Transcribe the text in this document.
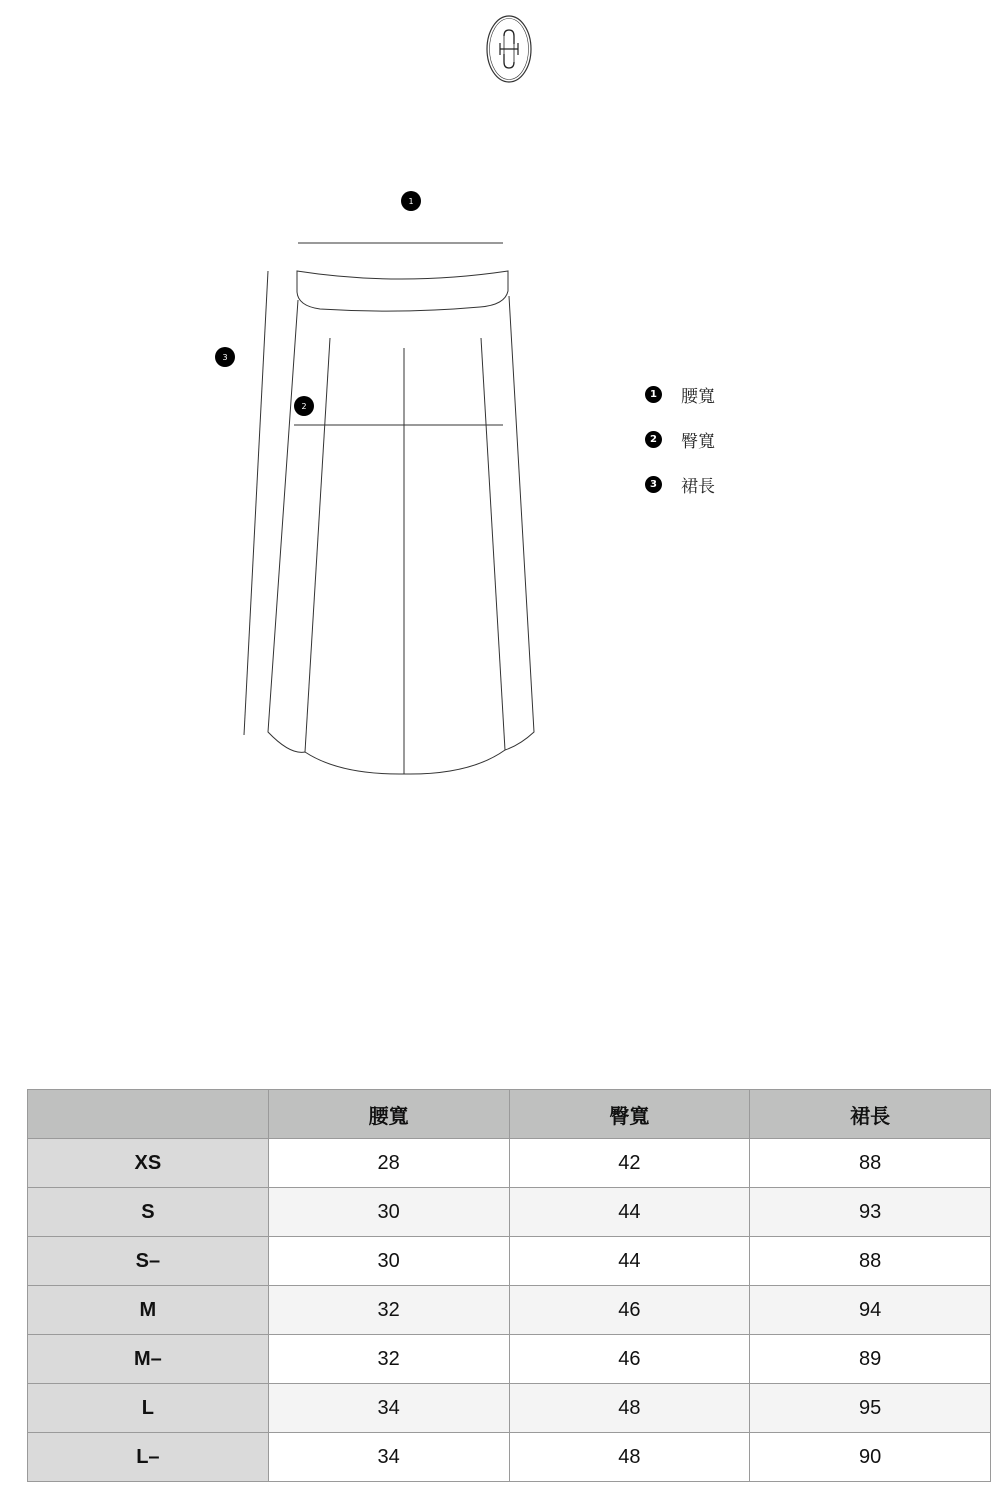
1
2
3
1 腰寬
2 臀寬
3 裙長
	腰寬	臀寬	裙長
XS	28	42	88
S	30	44	93
S–	30	44	88
M	32	46	94
M–	32	46	89
L	34	48	95
L–	34	48	90
